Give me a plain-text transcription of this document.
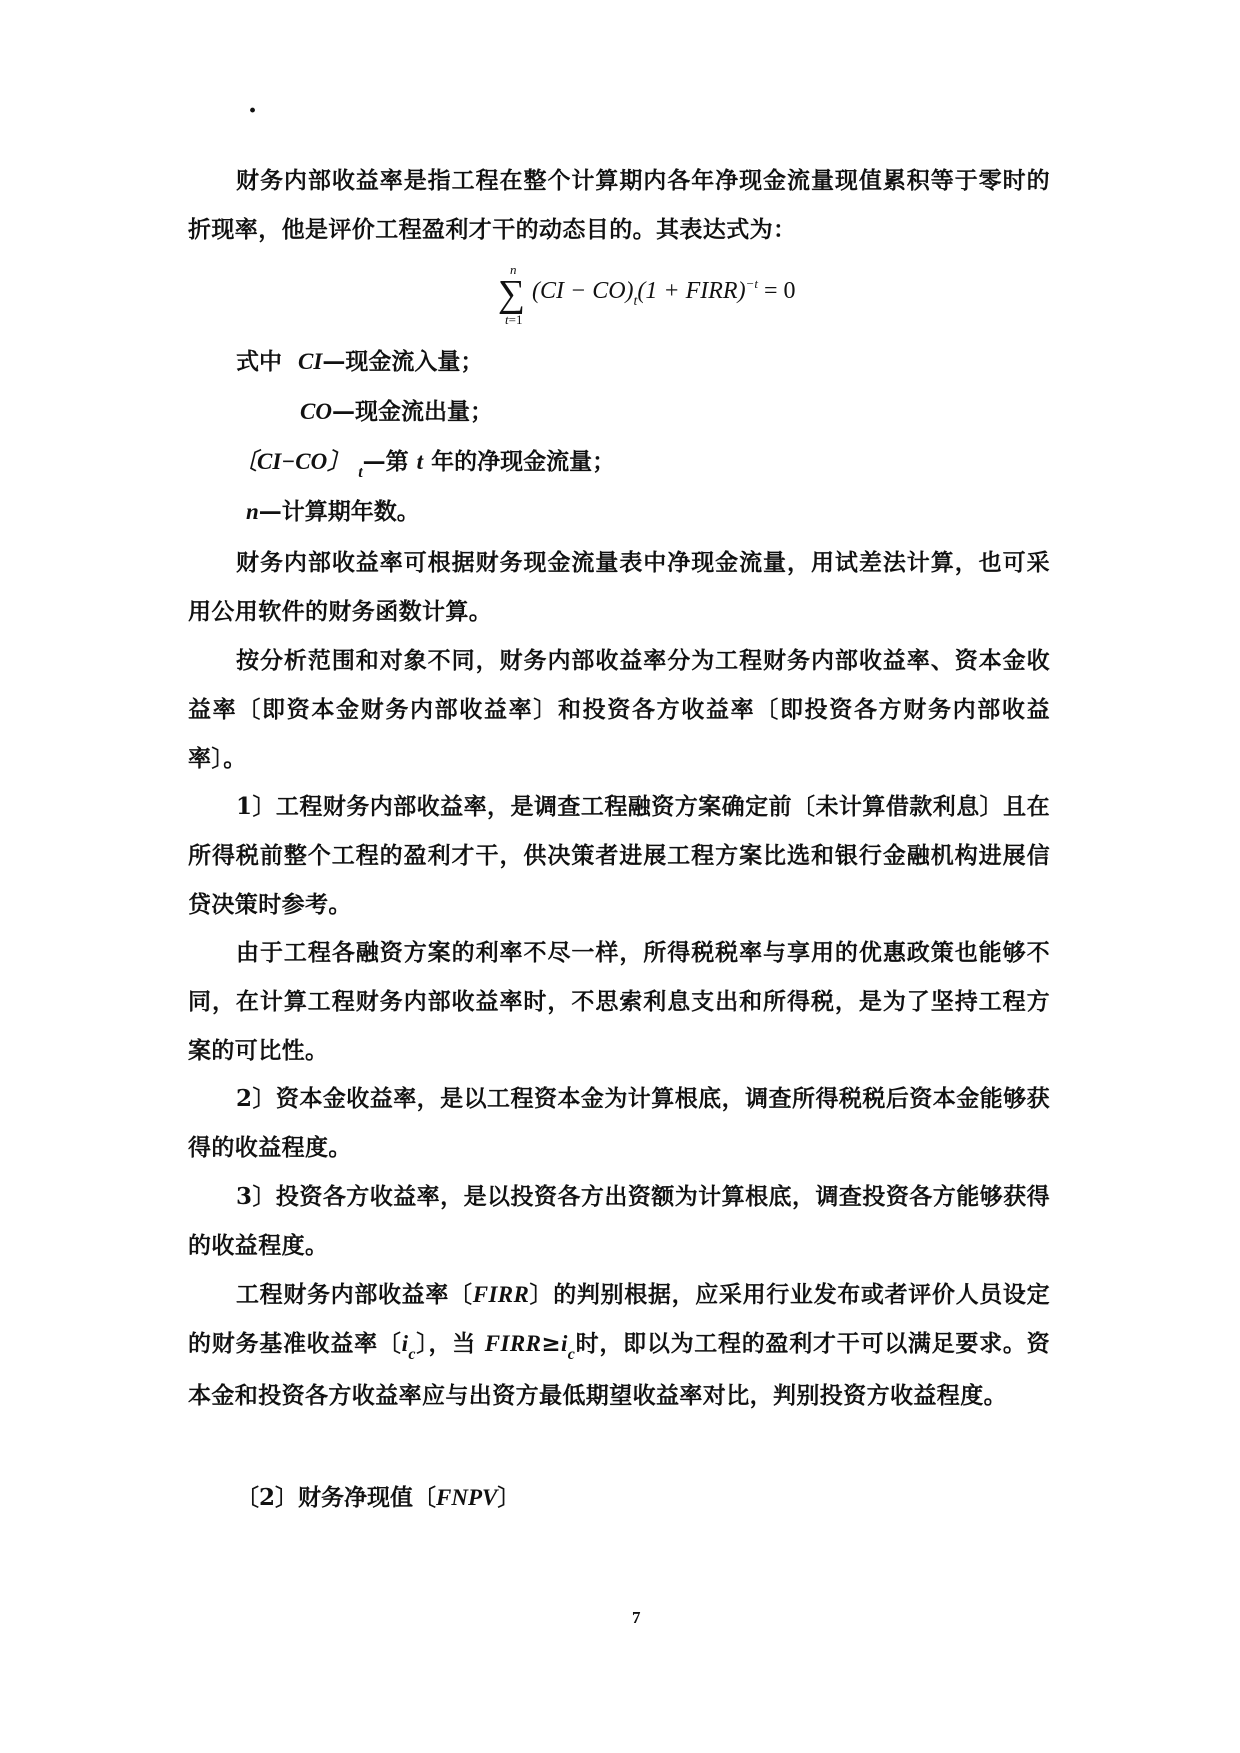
·

财务内部收益率是指工程在整个计算期内各年净现金流量现值累积等于零时的折现率，他是评价工程盈利才干的动态目的。其表达式为：

n
∑
t=1
$(CI - CO)_t(1$ + FIRR)$^{-t}$ = 0
式中 CI—现金流入量；
CO—现金流出量；
〔CI−CO〕 $_t$—第 t 年的净现金流量；
n—计算期年数。

财务内部收益率可根据财务现金流量表中净现金流量，用试差法计算，也可采用公用软件的财务函数计算。

按分析范围和对象不同，财务内部收益率分为工程财务内部收益率、资本金收益率〔即资本金财务内部收益率〕和投资各方收益率〔即投资各方财务内部收益率〕。

1〕工程财务内部收益率，是调查工程融资方案确定前〔未计算借款利息〕且在所得税前整个工程的盈利才干，供决策者进展工程方案比选和银行金融机构进展信贷决策时参考。

由于工程各融资方案的利率不尽一样，所得税税率与享用的优惠政策也能够不同，在计算工程财务内部收益率时，不思索利息支出和所得税，是为了坚持工程方案的可比性。

2〕资本金收益率，是以工程资本金为计算根底，调查所得税税后资本金能够获得的收益程度。

3〕投资各方收益率，是以投资各方出资额为计算根底，调查投资各方能够获得的收益程度。

工程财务内部收益率〔FIRR〕的判别根据，应采用行业发布或者评价人员设定的财务基准收益率〔$i_c$〕，当 $FIRR\ge i_c$时，即以为工程的盈利才干可以满足要求。资本金和投资各方收益率应与出资方最低期望收益率对比，判别投资方收益程度。

〔2〕财务净现值〔FNPV〕
7
